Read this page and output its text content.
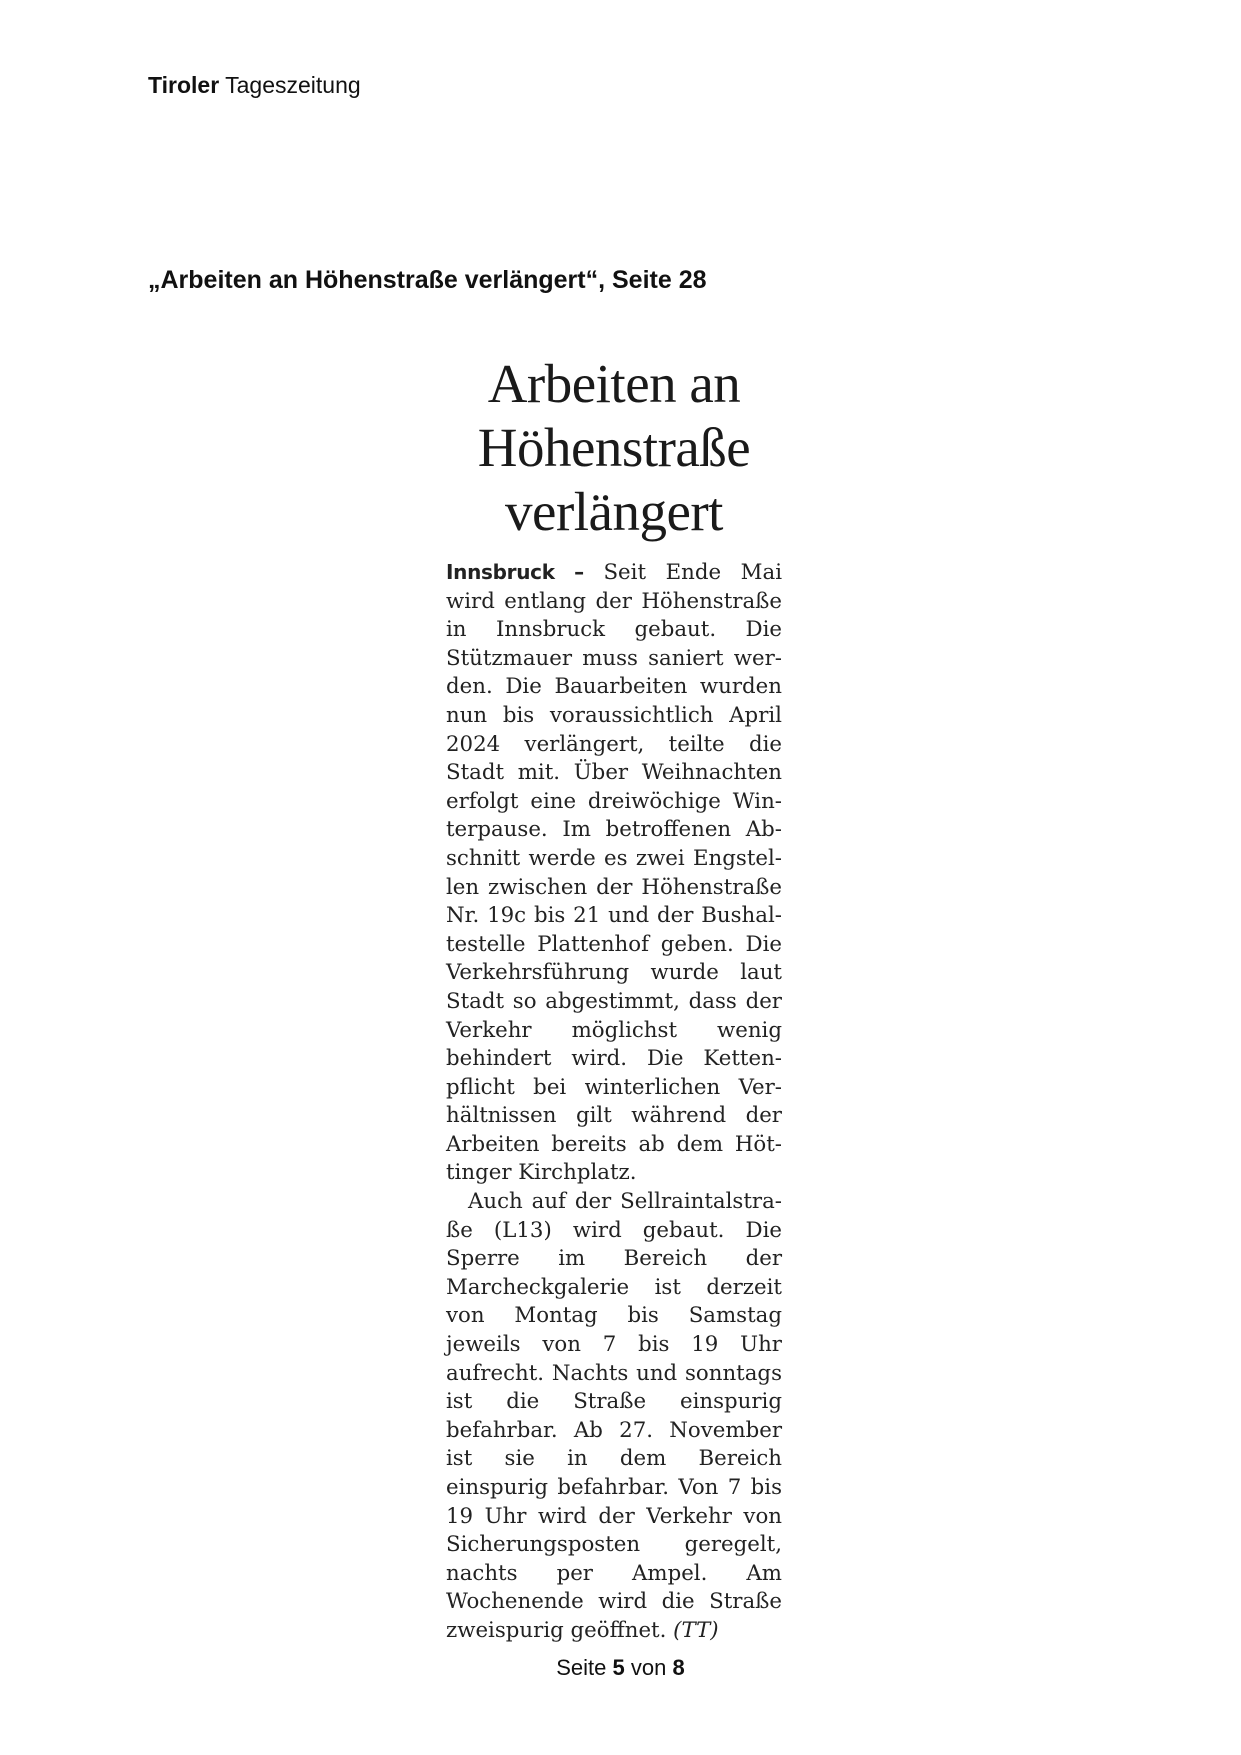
Tiroler Tageszeitung
„Arbeiten an Höhenstraße verlängert“, Seite 28
Arbeiten an
Höhenstraße
verlängert

Innsbruck – Seit Ende Mai wird entlang der Höhenstraße in Innsbruck gebaut. Die Stützmauer muss saniert werden. Die Bauarbeiten wurden nun bis voraussichtlich April 2024 verlängert, teilte die Stadt mit. Über Weihnachten erfolgt eine dreiwöchige Winterpause. Im betroffenen Abschnitt werde es zwei Engstellen zwischen der Höhenstraße Nr. 19c bis 21 und der Bushaltestelle Plattenhof geben. Die Verkehrsführung wurde laut Stadt so abgestimmt, dass der Verkehr möglichst wenig behindert wird. Die Kettenpflicht bei winterlichen Verhältnissen gilt während der Arbeiten bereits ab dem Höttinger Kirchplatz.

Auch auf der Sellraintalstraße (L13) wird gebaut. Die Sperre im Bereich der Marcheckgalerie ist derzeit von Montag bis Samstag jeweils von 7 bis 19 Uhr aufrecht. Nachts und sonntags ist die Straße einspurig befahrbar. Ab 27. November ist sie in dem Bereich einspurig befahrbar. Von 7 bis 19 Uhr wird der Verkehr von Sicherungsposten geregelt, nachts per Ampel. Am Wochenende wird die Straße zweispurig geöffnet. (TT)

Seite 5 von 8
